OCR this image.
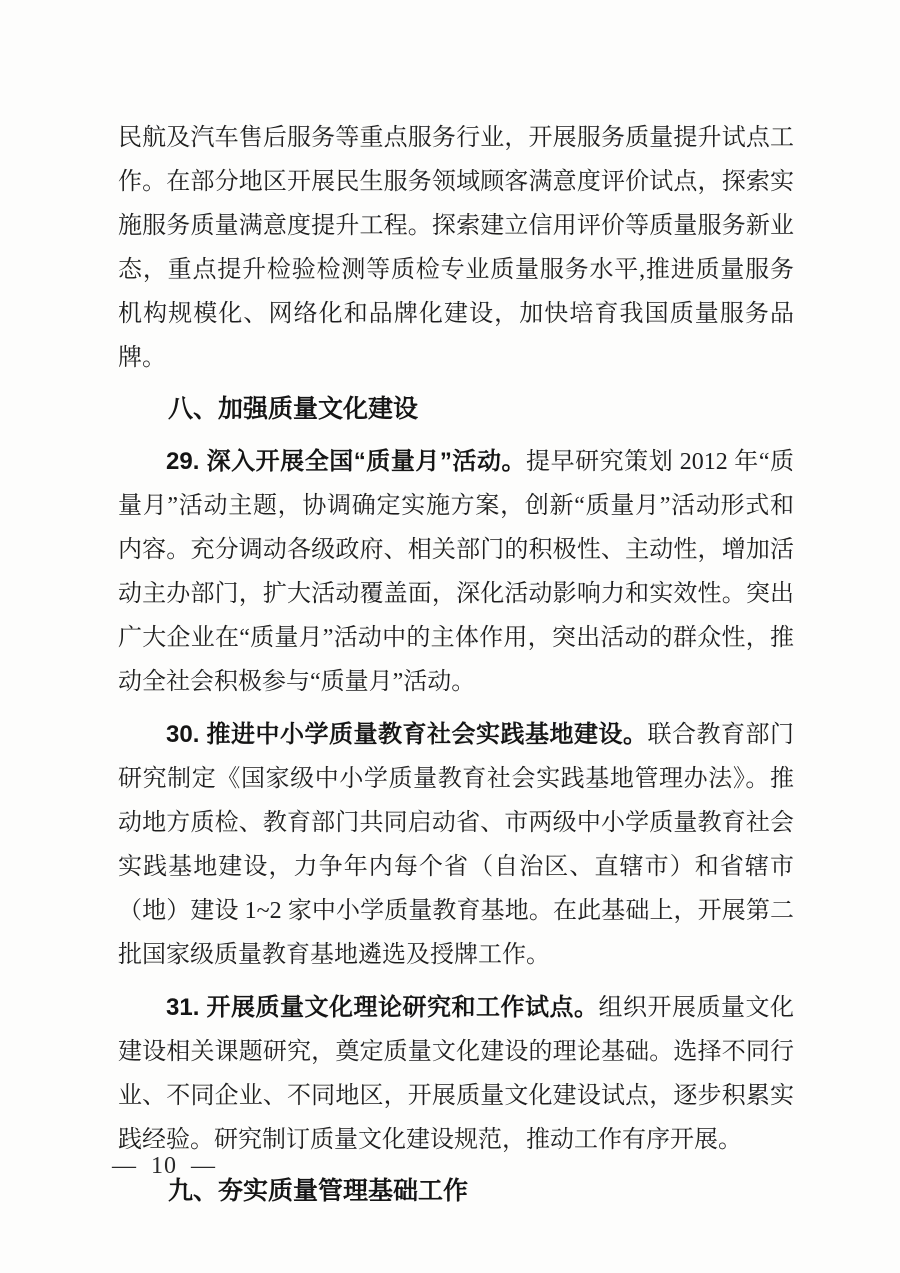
民航及汽车售后服务等重点服务行业，开展服务质量提升试点工作。在部分地区开展民生服务领域顾客满意度评价试点，探索实施服务质量满意度提升工程。探索建立信用评价等质量服务新业态，重点提升检验检测等质检专业质量服务水平,推进质量服务机构规模化、网络化和品牌化建设，加快培育我国质量服务品牌。

八、加强质量文化建设

29. 深入开展全国“质量月”活动。提早研究策划 2012 年“质量月”活动主题，协调确定实施方案，创新“质量月”活动形式和内容。充分调动各级政府、相关部门的积极性、主动性，增加活动主办部门，扩大活动覆盖面，深化活动影响力和实效性。突出广大企业在“质量月”活动中的主体作用，突出活动的群众性，推动全社会积极参与“质量月”活动。

30. 推进中小学质量教育社会实践基地建设。联合教育部门研究制定《国家级中小学质量教育社会实践基地管理办法》。推动地方质检、教育部门共同启动省、市两级中小学质量教育社会实践基地建设，力争年内每个省（自治区、直辖市）和省辖市（地）建设 1~2 家中小学质量教育基地。在此基础上，开展第二批国家级质量教育基地遴选及授牌工作。

31. 开展质量文化理论研究和工作试点。组织开展质量文化建设相关课题研究，奠定质量文化建设的理论基础。选择不同行业、不同企业、不同地区，开展质量文化建设试点，逐步积累实践经验。研究制订质量文化建设规范，推动工作有序开展。

九、夯实质量管理基础工作
— 10 —
